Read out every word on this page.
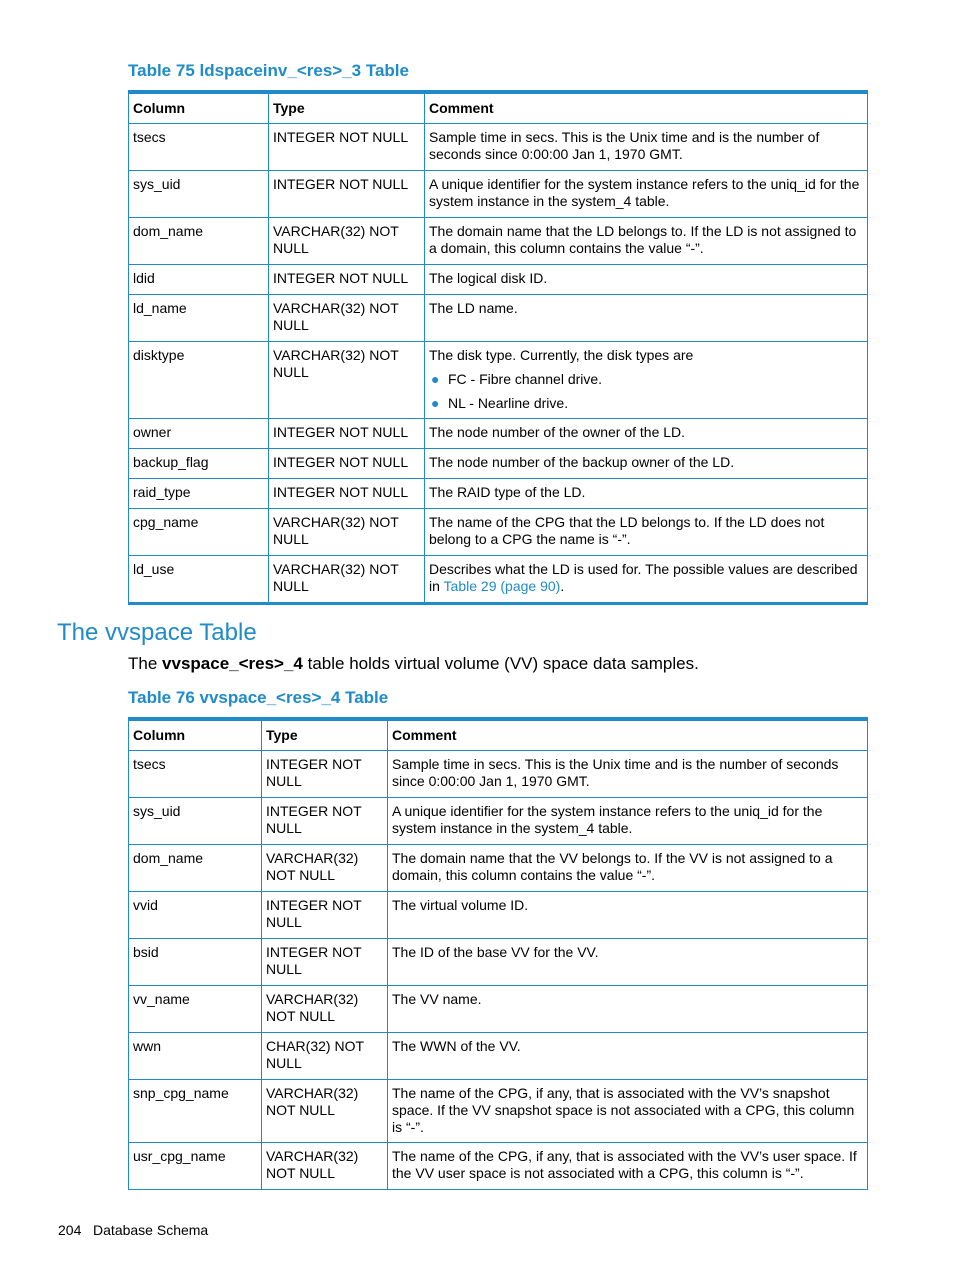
Table 75 ldspaceinv_<res>_3 Table

Column	Type	Comment
tsecs	INTEGER NOT NULL	Sample time in secs. This is the Unix time and is the number of seconds since 0:00:00 Jan 1, 1970 GMT.
sys_uid	INTEGER NOT NULL	A unique identifier for the system instance refers to the uniq_id for the system instance in the system_4 table.
dom_name	VARCHAR(32) NOT NULL	The domain name that the LD belongs to. If the LD is not assigned to a domain, this column contains the value “-”.
ldid	INTEGER NOT NULL	The logical disk ID.
ld_name	VARCHAR(32) NOT NULL	The LD name.
disktype	VARCHAR(32) NOT NULL	The disk type. Currently, the disk types are
● FC - Fibre channel drive.
● NL - Nearline drive.

owner	INTEGER NOT NULL	The node number of the owner of the LD.
backup_flag	INTEGER NOT NULL	The node number of the backup owner of the LD.
raid_type	INTEGER NOT NULL	The RAID type of the LD.
cpg_name	VARCHAR(32) NOT NULL	The name of the CPG that the LD belongs to. If the LD does not belong to a CPG the name is “-”.
ld_use	VARCHAR(32) NOT NULL	Describes what the LD is used for. The possible values are described in Table 29 (page 90).
The vvspace Table

The vvspace_<res>_4 table holds virtual volume (VV) space data samples.

Table 76 vvspace_<res>_4 Table

Column	Type	Comment
tsecs	INTEGER NOT NULL	Sample time in secs. This is the Unix time and is the number of seconds since 0:00:00 Jan 1, 1970 GMT.
sys_uid	INTEGER NOT NULL	A unique identifier for the system instance refers to the uniq_id for the system instance in the system_4 table.
dom_name	VARCHAR(32) NOT NULL	The domain name that the VV belongs to. If the VV is not assigned to a domain, this column contains the value “-”.
vvid	INTEGER NOT NULL	The virtual volume ID.
bsid	INTEGER NOT NULL	The ID of the base VV for the VV.
vv_name	VARCHAR(32) NOT NULL	The VV name.
wwn	CHAR(32) NOT NULL	The WWN of the VV.
snp_cpg_name	VARCHAR(32) NOT NULL	The name of the CPG, if any, that is associated with the VV’s snapshot space. If the VV snapshot space is not associated with a CPG, this column is “-”.
usr_cpg_name	VARCHAR(32) NOT NULL	The name of the CPG, if any, that is associated with the VV’s user space. If the VV user space is not associated with a CPG, this column is “-”.

204 Database Schema
